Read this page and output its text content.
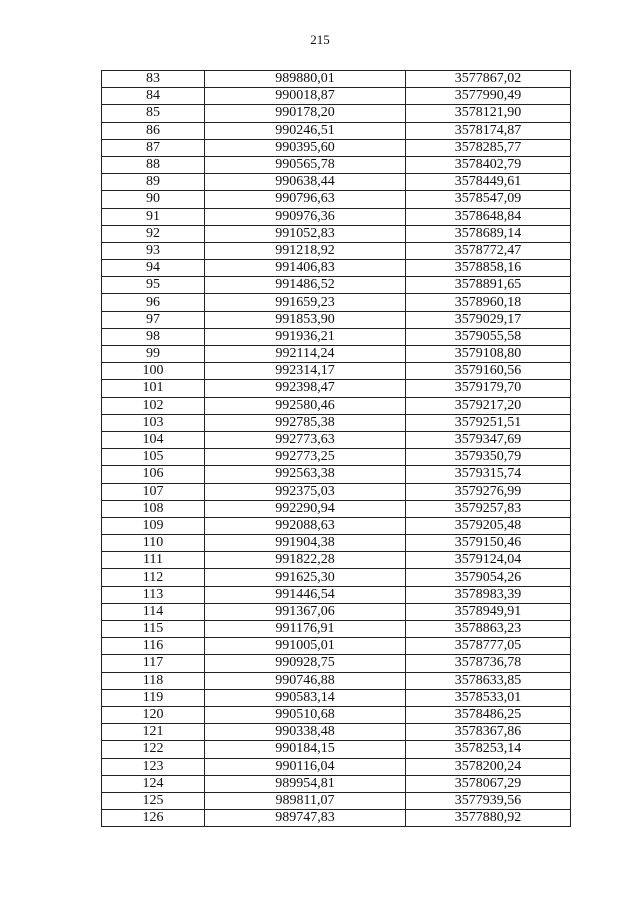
215
83	989880,01	3577867,02
84	990018,87	3577990,49
85	990178,20	3578121,90
86	990246,51	3578174,87
87	990395,60	3578285,77
88	990565,78	3578402,79
89	990638,44	3578449,61
90	990796,63	3578547,09
91	990976,36	3578648,84
92	991052,83	3578689,14
93	991218,92	3578772,47
94	991406,83	3578858,16
95	991486,52	3578891,65
96	991659,23	3578960,18
97	991853,90	3579029,17
98	991936,21	3579055,58
99	992114,24	3579108,80
100	992314,17	3579160,56
101	992398,47	3579179,70
102	992580,46	3579217,20
103	992785,38	3579251,51
104	992773,63	3579347,69
105	992773,25	3579350,79
106	992563,38	3579315,74
107	992375,03	3579276,99
108	992290,94	3579257,83
109	992088,63	3579205,48
110	991904,38	3579150,46
111	991822,28	3579124,04
112	991625,30	3579054,26
113	991446,54	3578983,39
114	991367,06	3578949,91
115	991176,91	3578863,23
116	991005,01	3578777,05
117	990928,75	3578736,78
118	990746,88	3578633,85
119	990583,14	3578533,01
120	990510,68	3578486,25
121	990338,48	3578367,86
122	990184,15	3578253,14
123	990116,04	3578200,24
124	989954,81	3578067,29
125	989811,07	3577939,56
126	989747,83	3577880,92
